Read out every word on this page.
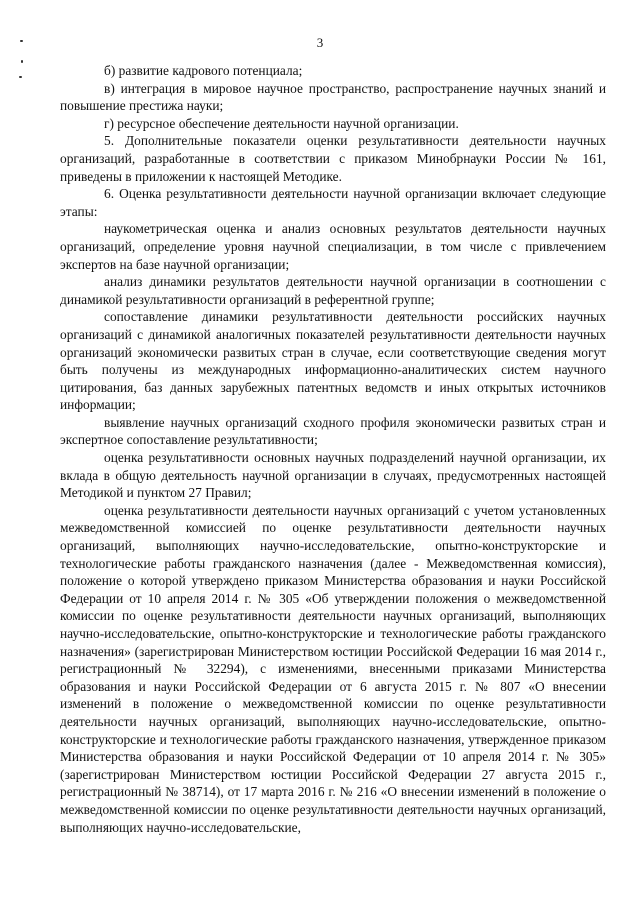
3

б) развитие кадрового потенциала;

в) интеграция в мировое научное пространство, распространение научных знаний и повышение престижа науки;

г) ресурсное обеспечение деятельности научной организации.

5. Дополнительные показатели оценки результативности деятельности научных организаций, разработанные в соответствии с приказом Минобрнауки России № 161, приведены в приложении к настоящей Методике.

6. Оценка результативности деятельности научной организации включает следующие этапы:

наукометрическая оценка и анализ основных результатов деятельности научных организаций, определение уровня научной специализации, в том числе с привлечением экспертов на базе научной организации;

анализ динамики результатов деятельности научной организации в соотношении с динамикой результативности организаций в референтной группе;

сопоставление динамики результативности деятельности российских научных организаций с динамикой аналогичных показателей результативности деятельности научных организаций экономически развитых стран в случае, если соответствующие сведения могут быть получены из международных информационно-аналитических систем научного цитирования, баз данных зарубежных патентных ведомств и иных открытых источников информации;

выявление научных организаций сходного профиля экономически развитых стран и экспертное сопоставление результативности;

оценка результативности основных научных подразделений научной организации, их вклада в общую деятельность научной организации в случаях, предусмотренных настоящей Методикой и пунктом 27 Правил;

оценка результативности деятельности научных организаций с учетом установленных межведомственной комиссией по оценке результативности деятельности научных организаций, выполняющих научно-исследовательские, опытно-конструкторские и технологические работы гражданского назначения (далее - Межведомственная комиссия), положение о которой утверждено приказом Министерства образования и науки Российской Федерации от 10 апреля 2014 г. № 305 «Об утверждении положения о межведомственной комиссии по оценке результативности деятельности научных организаций, выполняющих научно-исследовательские, опытно-конструкторские и технологические работы гражданского назначения» (зарегистрирован Министерством юстиции Российской Федерации 16 мая 2014 г., регистрационный № 32294), с изменениями, внесенными приказами Министерства образования и науки Российской Федерации от 6 августа 2015 г. № 807 «О внесении изменений в положение о межведомственной комиссии по оценке результативности деятельности научных организаций, выполняющих научно-исследовательские, опытно-конструкторские и технологические работы гражданского назначения, утвержденное приказом Министерства образования и науки Российской Федерации от 10 апреля 2014 г. № 305» (зарегистрирован Министерством юстиции Российской Федерации 27 августа 2015 г., регистрационный № 38714), от 17 марта 2016 г. № 216 «О внесении изменений в положение о межведомственной комиссии по оценке результативности деятельности научных организаций, выполняющих научно-исследовательские,
